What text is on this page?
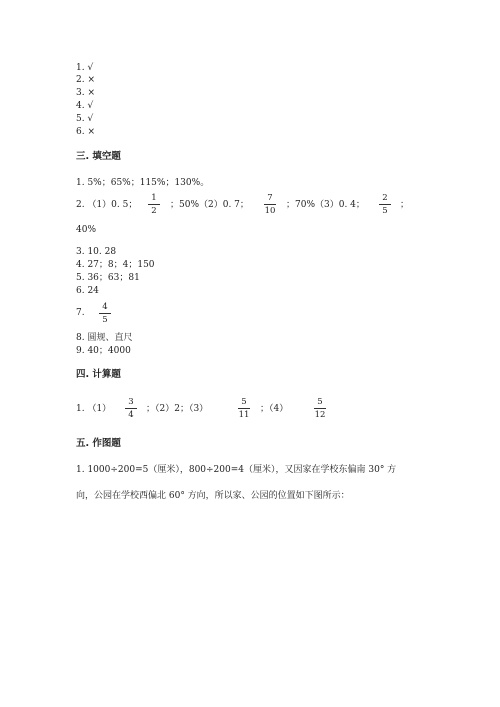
1. √
2. ×
3. ×
4. √
5. √
6. ×
三. 填空题
1. 5%；65%；115%；130%。
2. （1）0. 5；
1
2
；50%（2）0. 7；
7
10
；70%（3）0. 4；
2
5
；
40%
3. 10. 28
4. 27；8；4；150
5. 36；63；81
6. 24
7.
4
5
8. 圆规、直尺
9. 40；4000
四. 计算题
1. （1）
3
4
；（2）2；（3）
5
11
；（4）
5
12
五. 作图题
1. 1000÷200=5（厘米），800÷200=4（厘米），又因家在学校东偏南 30° 方
向，公园在学校西偏北 60° 方向，所以家、公园的位置如下图所示：
